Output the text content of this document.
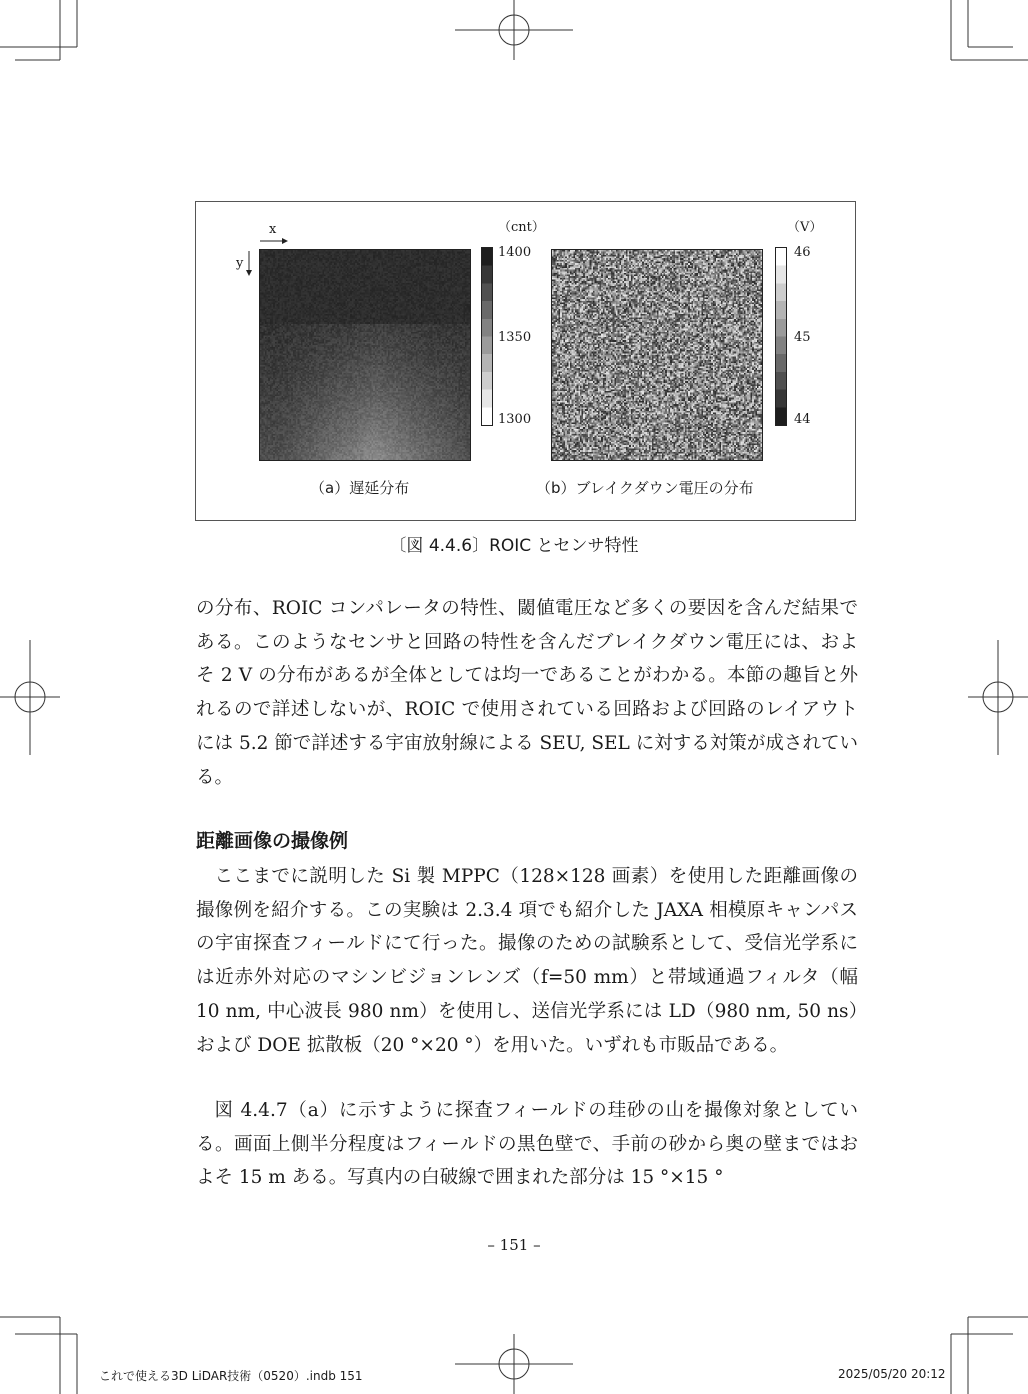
x
y
（cnt）
1400
1350
1300
（a）遅延分布
（V）
46
45
44
（b）ブレイクダウン電圧の分布
〔図 4.4.6〕ROIC とセンサ特性

の分布、ROIC コンパレータの特性、閾値電圧など多くの要因を含んだ結果である。このようなセンサと回路の特性を含んだブレイクダウン電圧には、およそ 2 V の分布があるが全体としては均一であることがわかる。本節の趣旨と外れるので詳述しないが、ROIC で使用されている回路および回路のレイアウトには 5.2 節で詳述する宇宙放射線による SEU, SEL に対する対策が成されている。

距離画像の撮像例

ここまでに説明した Si 製 MPPC（128×128 画素）を使用した距離画像の撮像例を紹介する。この実験は 2.3.4 項でも紹介した JAXA 相模原キャンパスの宇宙探査フィールドにて行った。撮像のための試験系として、受信光学系には近赤外対応のマシンビジョンレンズ（f=50 mm）と帯域通過フィルタ（幅 10 nm, 中心波長 980 nm）を使用し、送信光学系には LD（980 nm, 50 ns）および DOE 拡散板（20 °×20 °）を用いた。いずれも市販品である。

図 4.4.7（a）に示すように探査フィールドの珪砂の山を撮像対象としている。画面上側半分程度はフィールドの黒色壁で、手前の砂から奥の壁まではおよそ 15 m ある。写真内の白破線で囲まれた部分は 15 °×15 °

– 151 –
これで使える3D LiDAR技術（0520）.indb 151	2025/05/20 20:12
